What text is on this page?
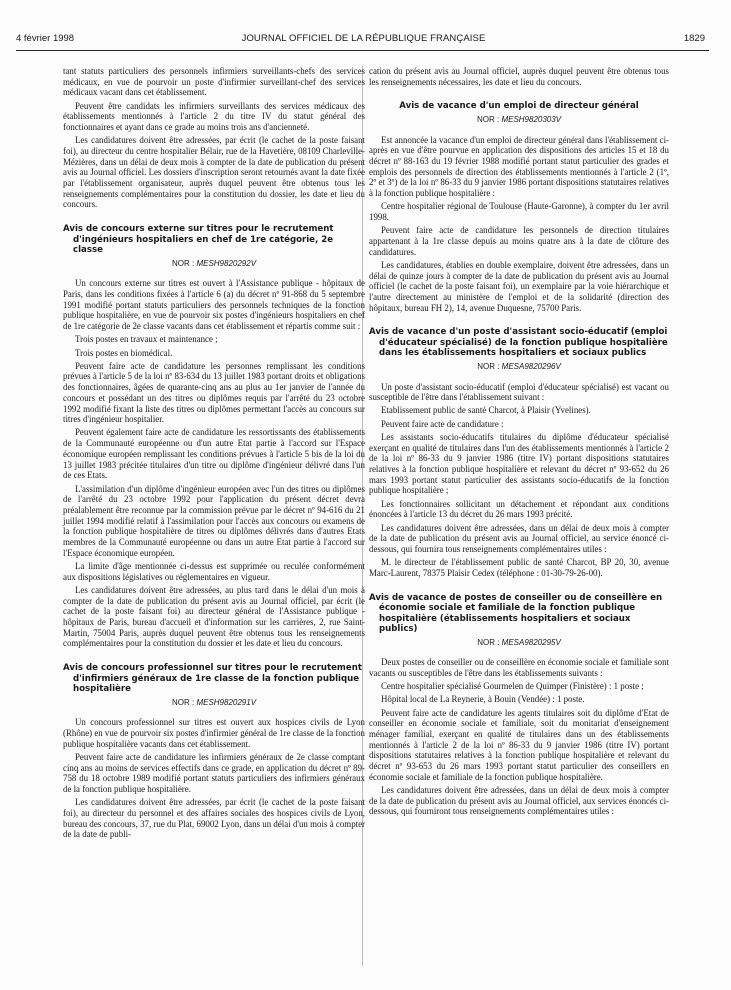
4 février 1998	JOURNAL OFFICIEL DE LA RÉPUBLIQUE FRANÇAISE	1829

tant statuts particuliers des personnels infirmiers surveillants-chefs des services médicaux, en vue de pourvoir un poste d'infirmier surveillant-chef des services médicaux vacant dans cet établissement.

Peuvent être candidats les infirmiers surveillants des services médicaux des établissements mentionnés à l'article 2 du titre IV du statut général des fonctionnaires et ayant dans ce grade au moins trois ans d'ancienneté.

Les candidatures doivent être adressées, par écrit (le cachet de la poste faisant foi), au directeur du centre hospitalier Bélair, rue de la Havetière, 08109 Charleville-Mézières, dans un délai de deux mois à compter de la date de publication du présent avis au Journal officiel. Les dossiers d'inscription seront retournés avant la date fixée par l'établissement organisateur, auprès duquel peuvent être obtenus tous les renseignements complémentaires pour la constitution du dossier, les date et lieu du concours.

Avis de concours externe sur titres pour le recrutement d'ingénieurs hospitaliers en chef de 1re catégorie, 2e classe
NOR : MESH9820292V

Un concours externe sur titres est ouvert à l'Assistance publique - hôpitaux de Paris, dans les conditions fixées à l'article 6 (a) du décret nº 91-868 du 5 septembre 1991 modifié portant statuts particuliers des personnels techniques de la fonction publique hospitalière, en vue de pourvoir six postes d'ingénieurs hospitaliers en chef de 1re catégorie de 2e classe vacants dans cet établissement et répartis comme suit :

Trois postes en travaux et maintenance ;

Trois postes en biomédical.

Peuvent faire acte de candidature les personnes remplissant les conditions prévues à l'article 5 de la loi nº 83-634 du 13 juillet 1983 portant droits et obligations des fonctionnaires, âgées de quarante-cinq ans au plus au 1er janvier de l'année du concours et possédant un des titres ou diplômes requis par l'arrêté du 23 octobre 1992 modifié fixant la liste des titres ou diplômes permettant l'accès au concours sur titres d'ingénieur hospitalier.

Peuvent également faire acte de candidature les ressortissants des établissements de la Communauté européenne ou d'un autre Etat partie à l'accord sur l'Espace économique européen remplissant les conditions prévues à l'article 5 bis de la loi du 13 juillet 1983 précitée titulaires d'un titre ou diplôme d'ingénieur délivré dans l'un de ces Etats.

L'assimilation d'un diplôme d'ingénieur européen avec l'un des titres ou diplômes de l'arrêté du 23 octobre 1992 pour l'application du présent décret devra préalablement être reconnue par la commission prévue par le décret nº 94-616 du 21 juillet 1994 modifié relatif à l'assimilation pour l'accès aux concours ou examens de la fonction publique hospitalière de titres ou diplômes délivrés dans d'autres Etats membres de la Communauté européenne ou dans un autre Etat partie à l'accord sur l'Espace économique européen.

La limite d'âge mentionnée ci-dessus est supprimée ou reculée conformément aux dispositions législatives ou réglementaires en vigueur.

Les candidatures doivent être adressées, au plus tard dans le délai d'un mois à compter de la date de publication du présent avis au Journal officiel, par écrit (le cachet de la poste faisant foi) au directeur général de l'Assistance publique - hôpitaux de Paris, bureau d'accueil et d'information sur les carrières, 2, rue Saint-Martin, 75004 Paris, auprès duquel peuvent être obtenus tous les renseignements complémentaires pour la constitution du dossier et les date et lieu du concours.

Avis de concours professionnel sur titres pour le recrutement d'infirmiers généraux de 1re classe de la fonction publique hospitalière
NOR : MESH9820291V

Un concours professionnel sur titres est ouvert aux hospices civils de Lyon (Rhône) en vue de pourvoir six postes d'infirmier général de 1re classe de la fonction publique hospitalière vacants dans cet établissement.

Peuvent faire acte de candidature les infirmiers généraux de 2e classe comptant cinq ans au moins de services effectifs dans ce grade, en application du décret nº 89-758 du 18 octobre 1989 modifié portant statuts particuliers des infirmiers généraux de la fonction publique hospitalière.

Les candidatures doivent être adressées, par écrit (le cachet de la poste faisant foi), au directeur du personnel et des affaires sociales des hospices civils de Lyon, bureau des concours, 37, rue du Plat, 69002 Lyon, dans un délai d'un mois à compter de la date de publi-

cation du présent avis au Journal officiel, auprès duquel peuvent être obtenus tous les renseignements nécessaires, les date et lieu du concours.

Avis de vacance d'un emploi de directeur général
NOR : MESH9820303V

Est annoncée la vacance d'un emploi de directeur général dans l'établissement ci-après en vue d'être pourvue en application des dispositions des articles 15 et 18 du décret nº 88-163 du 19 février 1988 modifié portant statut particulier des grades et emplois des personnels de direction des établissements mentionnés à l'article 2 (1º, 2º et 3º) de la loi nº 86-33 du 9 janvier 1986 portant dispositions statutaires relatives à la fonction publique hospitalière :

Centre hospitalier régional de Toulouse (Haute-Garonne), à compter du 1er avril 1998.

Peuvent faire acte de candidature les personnels de direction titulaires appartenant à la 1re classe depuis au moins quatre ans à la date de clôture des candidatures.

Les candidatures, établies en double exemplaire, doivent être adressées, dans un délai de quinze jours à compter de la date de publication du présent avis au Journal officiel (le cachet de la poste faisant foi), un exemplaire par la voie hiérarchique et l'autre directement au ministère de l'emploi et de la solidarité (direction des hôpitaux, bureau FH 2), 14, avenue Duquesne, 75700 Paris.

Avis de vacance d'un poste d'assistant socio-éducatif (emploi d'éducateur spécialisé) de la fonction publique hospitalière dans les établissements hospitaliers et sociaux publics
NOR : MESA9820296V

Un poste d'assistant socio-éducatif (emploi d'éducateur spécialisé) est vacant ou susceptible de l'être dans l'établissement suivant :

Etablissement public de santé Charcot, à Plaisir (Yvelines).

Peuvent faire acte de candidature :

Les assistants socio-éducatifs titulaires du diplôme d'éducateur spécialisé exerçant en qualité de titulaires dans l'un des établissements mentionnés à l'article 2 de la loi nº 86-33 du 9 janvier 1986 (titre IV) portant dispositions statutaires relatives à la fonction publique hospitalière et relevant du décret nº 93-652 du 26 mars 1993 portant statut particulier des assistants socio-éducatifs de la fonction publique hospitalière ;

Les fonctionnaires sollicitant un détachement et répondant aux conditions énoncées à l'article 13 du décret du 26 mars 1993 précité.

Les candidatures doivent être adressées, dans un délai de deux mois à compter de la date de publication du présent avis au Journal officiel, au service énoncé ci-dessous, qui fournira tous renseignements complémentaires utiles :

M. le directeur de l'établissement public de santé Charcot, BP 20, 30, avenue Marc-Laurent, 78375 Plaisir Cedex (téléphone : 01-30-79-26-00).

Avis de vacance de postes de conseiller ou de conseillère en économie sociale et familiale de la fonction publique hospitalière (établissements hospitaliers et sociaux publics)
NOR : MESA9820295V

Deux postes de conseiller ou de conseillère en économie sociale et familiale sont vacants ou susceptibles de l'être dans les établissements suivants :

Centre hospitalier spécialisé Gourmelen de Quimper (Finistère) : 1 poste ;

Hôpital local de La Reynerie, à Bouin (Vendée) : 1 poste.

Peuvent faire acte de candidature les agents titulaires soit du diplôme d'Etat de conseiller en économie sociale et familiale, soit du monitariat d'enseignement ménager familial, exerçant en qualité de titulaires dans un des établissements mentionnés à l'article 2 de la loi nº 86-33 du 9 janvier 1986 (titre IV) portant dispositions statutaires relatives à la fonction publique hospitalière et relevant du décret nº 93-653 du 26 mars 1993 portant statut particulier des conseillers en économie sociale et familiale de la fonction publique hospitalière.

Les candidatures doivent être adressées, dans un délai de deux mois à compter de la date de publication du présent avis au Journal officiel, aux services énoncés ci-dessous, qui fourniront tous renseignements complémentaires utiles :
